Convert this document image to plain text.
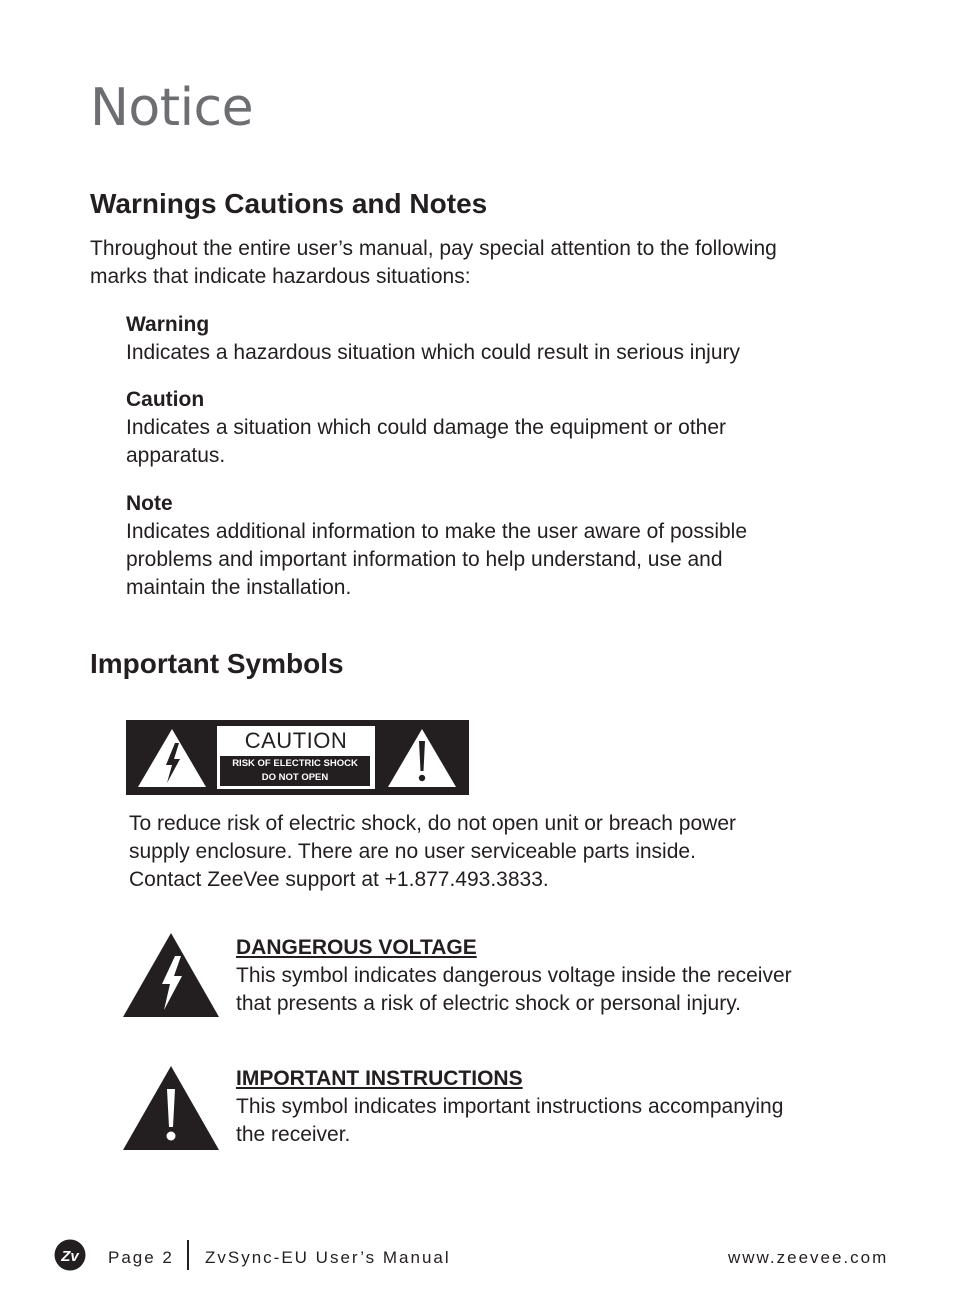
Notice
Warnings Cautions and Notes

Throughout the entire user’s manual, pay special attention to the following

marks that indicate hazardous situations:

Warning

Indicates a hazardous situation which could result in serious injury

Caution

Indicates a situation which could damage the equipment or other

apparatus.

Note

Indicates additional information to make the user aware of possible

problems and important information to help understand, use and

maintain the installation.

Important Symbols
CAUTION
RISK OF ELECTRIC SHOCK
DO NOT OPEN

To reduce risk of electric shock, do not open unit or breach power

supply enclosure. There are no user serviceable parts inside.

Contact ZeeVee support at +1.877.493.3833.

DANGEROUS VOLTAGE

This symbol indicates dangerous voltage inside the receiver

that presents a risk of electric shock or personal injury.

IMPORTANT INSTRUCTIONS

This symbol indicates important instructions accompanying

the receiver.

Zv Page 2 ZvSync-EU User’s Manual	www.zeevee.com
